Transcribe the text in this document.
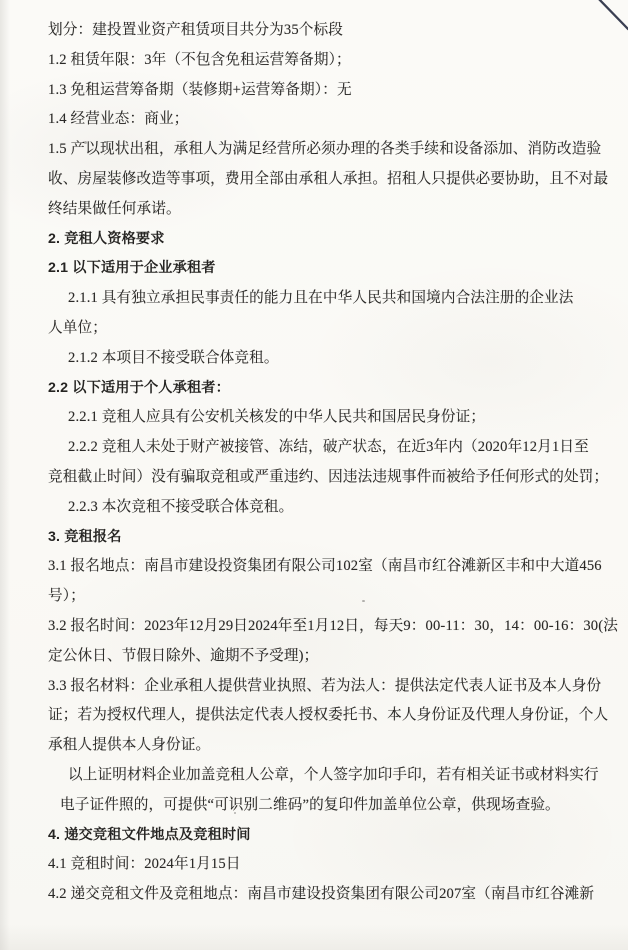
划分：建投置业资产租赁项目共分为35个标段

1.2 租赁年限：3年（不包含免租运营筹备期）；

1.3 免租运营筹备期（装修期+运营筹备期）：无

1.4 经营业态：商业；

1.5 产以现状出租，承租人为满足经营所必须办理的各类手续和设备添加、消防改造验

收、房屋装修改造等事项，费用全部由承租人承担。招租人只提供必要协助，且不对最

终结果做任何承诺。

2. 竞租人资格要求

2.1 以下适用于企业承租者

2.1.1 具有独立承担民事责任的能力且在中华人民共和国境内合法注册的企业法

人单位；

2.1.2 本项目不接受联合体竞租。

2.2 以下适用于个人承租者：

2.2.1 竞租人应具有公安机关核发的中华人民共和国居民身份证；

2.2.2 竞租人未处于财产被接管、冻结，破产状态，在近3年内（2020年12月1日至

竞租截止时间）没有骗取竞租或严重违约、因违法违规事件而被给予任何形式的处罚；

2.2.3 本次竞租不接受联合体竞租。

3. 竞租报名

3.1 报名地点：南昌市建设投资集团有限公司102室（南昌市红谷滩新区丰和中大道456

号）；

3.2 报名时间：2023年12月29日2024年至1月12日，每天9：00-11：30，14：00-16：30(法

定公休日、节假日除外、逾期不予受理)；

3.3 报名材料：企业承租人提供营业执照、若为法人：提供法定代表人证书及本人身份

证；若为授权代理人，提供法定代表人授权委托书、本人身份证及代理人身份证，个人

承租人提供本人身份证。

以上证明材料企业加盖竞租人公章，个人签字加印手印，若有相关证书或材料实行

电子证件照的，可提供“可识别二维码”的复印件加盖单位公章，供现场查验。

4. 递交竞租文件地点及竞租时间

4.1 竞租时间：2024年1月15日

4.2 递交竞租文件及竞租地点：南昌市建设投资集团有限公司207室（南昌市红谷滩新
